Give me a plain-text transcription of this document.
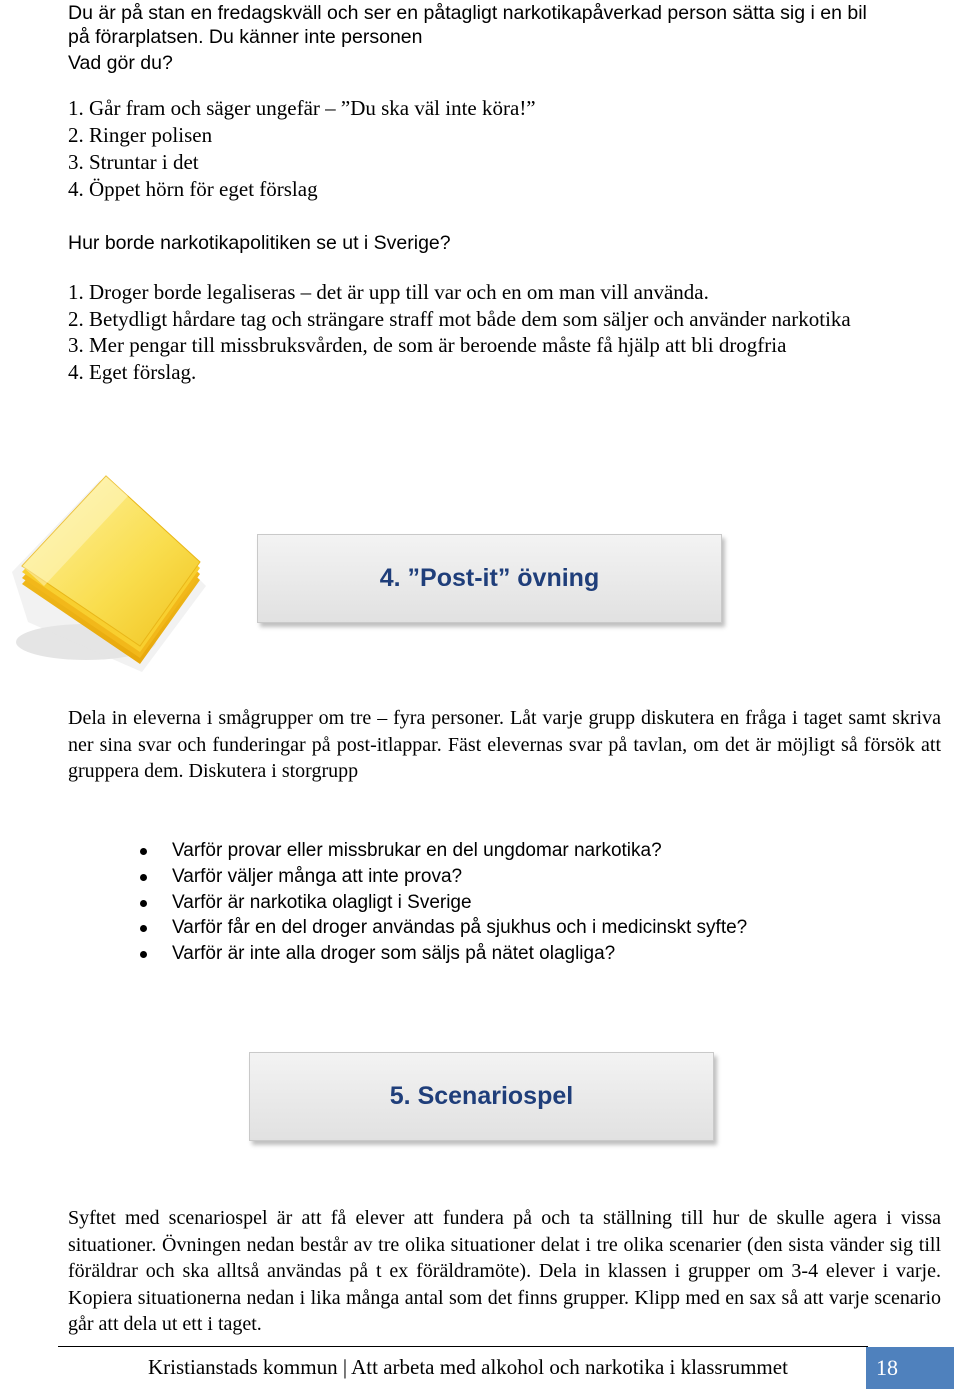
Du är på stan en fredagskväll och ser en påtagligt narkotikapåverkad person sätta sig i en bil
på förarplatsen. Du känner inte personen
Vad gör du?
1. Går fram och säger ungefär – ”Du ska väl inte köra!”
2. Ringer polisen
3. Struntar i det
4. Öppet hörn för eget förslag
Hur borde narkotikapolitiken se ut i Sverige?
1. Droger borde legaliseras – det är upp till var och en om man vill använda.
2. Betydligt hårdare tag och strängare straff mot både dem som säljer och använder narkotika
3. Mer pengar till missbruksvården, de som är beroende måste få hjälp att bli drogfria
4. Eget förslag.
4. ”Post-it” övning
Dela in eleverna i smågrupper om tre – fyra personer. Låt varje grupp diskutera en fråga i taget samt skriva ner sina svar och funderingar på post-itlappar. Fäst elevernas svar på tavlan, om det är möjligt så försök att gruppera dem. Diskutera i storgrupp
Varför provar eller missbrukar en del ungdomar narkotika?
Varför väljer många att inte prova?
Varför är narkotika olagligt i Sverige
Varför får en del droger användas på sjukhus och i medicinskt syfte?
Varför är inte alla droger som säljs på nätet olagliga?
5. Scenariospel
Syftet med scenariospel är att få elever att fundera på och ta ställning till hur de skulle agera i vissa situationer. Övningen nedan består av tre olika situationer delat i tre olika scenarier (den sista vänder sig till föräldrar och ska alltså användas på t ex föräldramöte). Dela in klassen i grupper om 3-4 elever i varje. Kopiera situationerna nedan i lika många antal som det finns grupper. Klipp med en sax så att varje scenario går att dela ut ett i taget.
Kristianstads kommun | Att arbeta med alkohol och narkotika i klassrummet	18
